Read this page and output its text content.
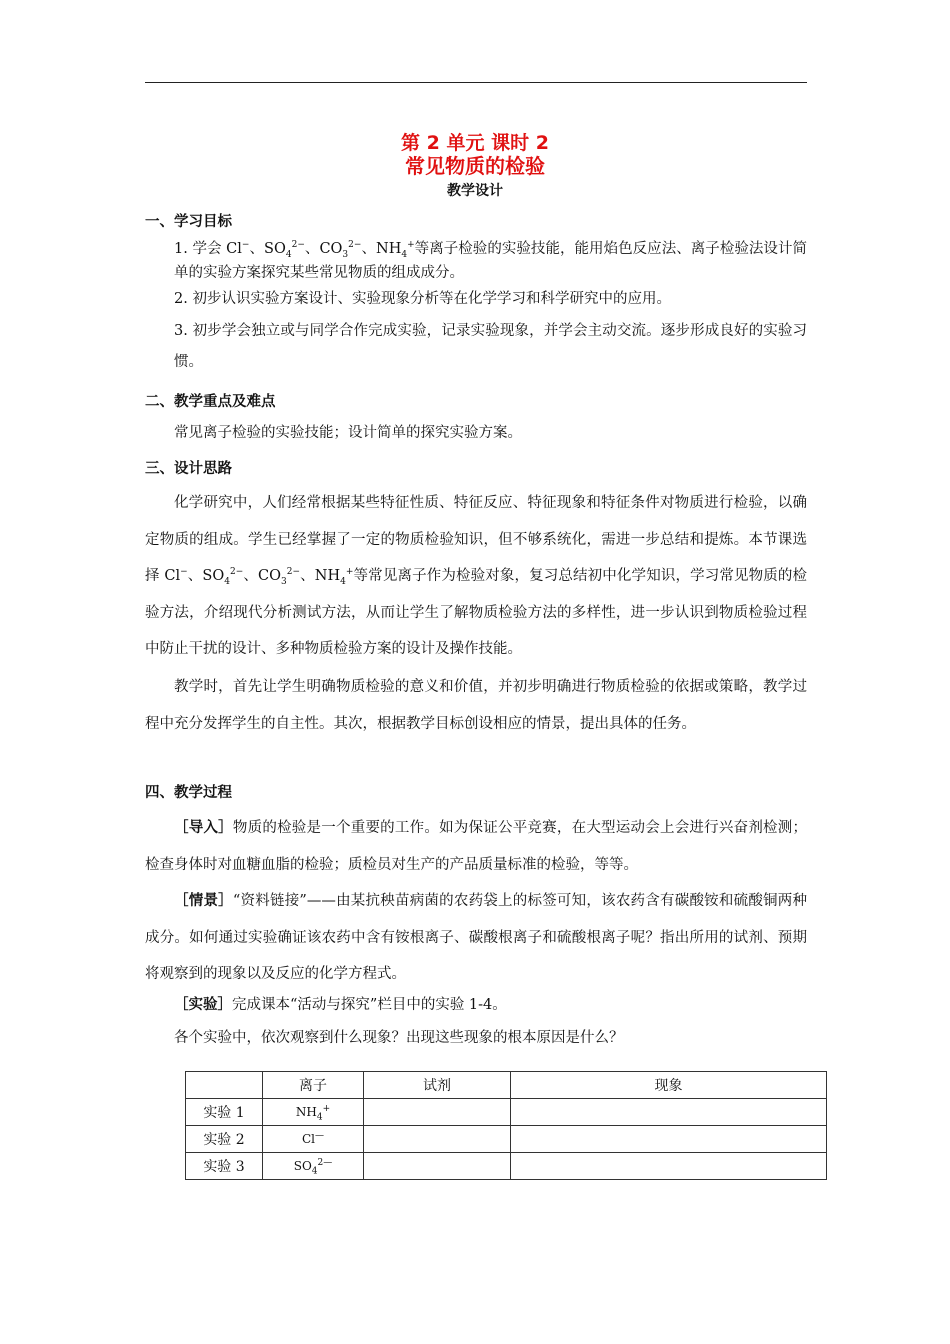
第 2 单元 课时 2
常见物质的检验
教学设计
一、学习目标
1. 学会 Cl−、$SO_4^{2-}$、$CO_3^{2-}$、$NH_4^+$等离子检验的实验技能，能用焰色反应法、离子检验法设计简单的实验方案探究某些常见物质的组成成分。
2. 初步认识实验方案设计、实验现象分析等在化学学习和科学研究中的应用。
3. 初步学会独立或与同学合作完成实验，记录实验现象，并学会主动交流。逐步形成良好的实验习惯。
二、教学重点及难点
常见离子检验的实验技能；设计简单的探究实验方案。
三、设计思路
化学研究中，人们经常根据某些特征性质、特征反应、特征现象和特征条件对物质进行检验，以确定物质的组成。学生已经掌握了一定的物质检验知识，但不够系统化，需进一步总结和提炼。本节课选择 Cl−、$SO_4^{2-}$、$CO_3^{2-}$、$NH_4^+$等常见离子作为检验对象，复习总结初中化学知识，学习常见物质的检验方法，介绍现代分析测试方法，从而让学生了解物质检验方法的多样性，进一步认识到物质检验过程中防止干扰的设计、多种物质检验方案的设计及操作技能。
教学时，首先让学生明确物质检验的意义和价值，并初步明确进行物质检验的依据或策略，教学过程中充分发挥学生的自主性。其次，根据教学目标创设相应的情景，提出具体的任务。
四、教学过程
［导入］物质的检验是一个重要的工作。如为保证公平竞赛，在大型运动会上会进行兴奋剂检测；检查身体时对血糖血脂的检验；质检员对生产的产品质量标准的检验，等等。
［情景］“资料链接”——由某抗秧苗病菌的农药袋上的标签可知，该农药含有碳酸铵和硫酸铜两种成分。如何通过实验确证该农药中含有铵根离子、碳酸根离子和硫酸根离子呢？指出所用的试剂、预期将观察到的现象以及反应的化学方程式。
［实验］完成课本“活动与探究”栏目中的实验 1-4。
各个实验中，依次观察到什么现象？出现这些现象的根本原因是什么？
	离子	试剂	现象
实验 1	$NH_4^+$		
实验 2	Cl—		
实验 3	$SO_4^{2—}$		
